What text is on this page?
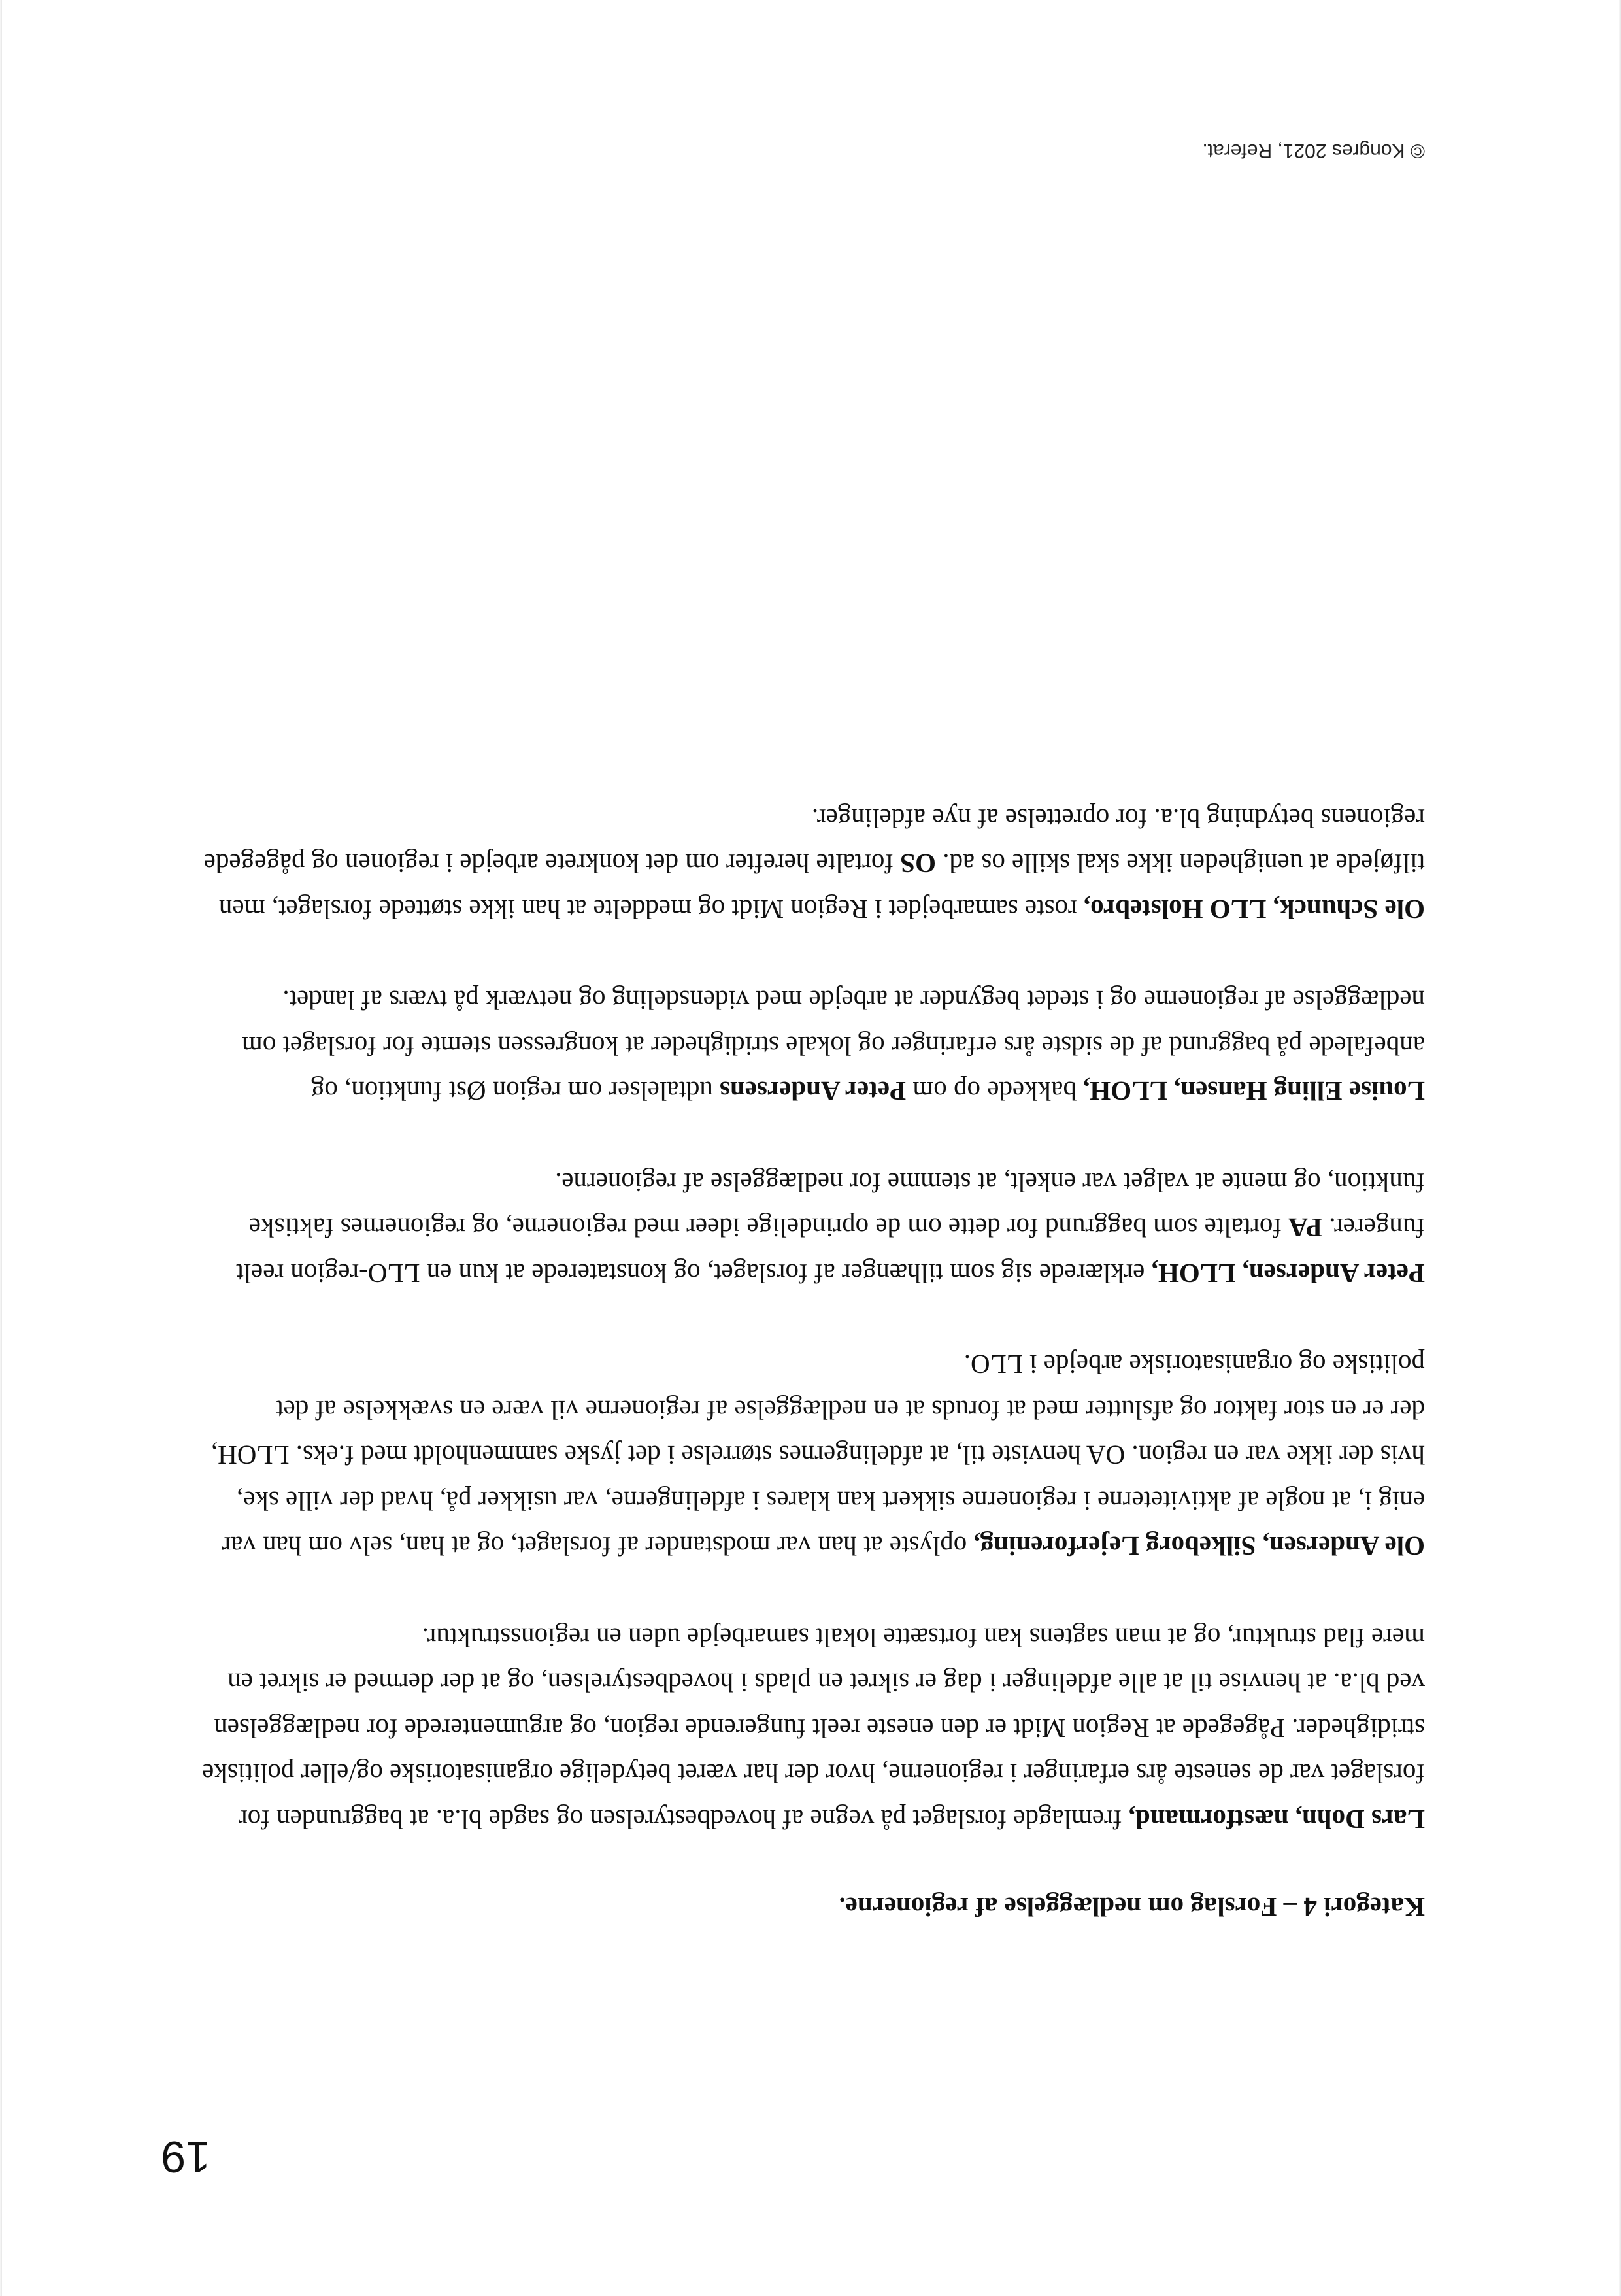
19
Kategori 4 – Forslag om nedlæggelse af regionerne.

Lars Dohn, næstformand, fremlagde forslaget på vegne af hovedbestyrelsen og sagde bl.a. at baggrunden for forslaget var de seneste års erfaringer i regionerne, hvor der har været betydelige organisatoriske og/eller politiske stridigheder. Pågegede at Region Midt er den eneste reelt fungerende region, og argumenterede for nedlæggelsen ved bl.a. at henvise til at alle afdelinger i dag er sikret en plads i hovedbestyrelsen, og at der dermed er sikret en mere flad struktur, og at man sagtens kan fortsætte lokalt samarbejde uden en regionsstruktur.

Ole Andersen, Silkeborg Lejerforening, oplyste at han var modstander af forslaget, og at han, selv om han var enig i, at nogle af aktiviteterne i regionerne sikkert kan klares i afdelingerne, var usikker på, hvad der ville ske, hvis der ikke var en region. OA henviste til, at afdelingernes størrelse i det jyske sammenholdt med f.eks. LLOH, der er en stor faktor og afslutter med at foruds at en nedlæggelse af regionerne vil være en svækkelse af det politiske og organisatoriske arbejde i LLO.

Peter Andersen, LLOH, erklærede sig som tilhænger af forslaget, og konstaterede at kun en LLO-region reelt fungerer. PA fortalte som baggrund for dette om de oprindelige ideer med regionerne, og regionernes faktiske funktion, og mente at valget var enkelt, at stemme for nedlæggelse af regionerne.

Louise Elling Hansen, LLOH, bakkede op om Peter Andersens udtalelser om region Øst funktion, og anbefalede på baggrund af de sidste års erfaringer og lokale stridigheder at kongressen stemte for forslaget om nedlæggelse af regionerne og i stedet begynder at arbejde med vidensdeling og netværk på tværs af landet.

Ole Schunck, LLO Holstebro, roste samarbejdet i Region Midt og meddelte at han ikke støttede forslaget, men tilføjede at uenigheden ikke skal skille os ad. OS fortalte herefter om det konkrete arbejde i regionen og pågegede regionens betydning bl.a. for oprettelse af nye afdelinger.

© Kongres 2021, Referat.
